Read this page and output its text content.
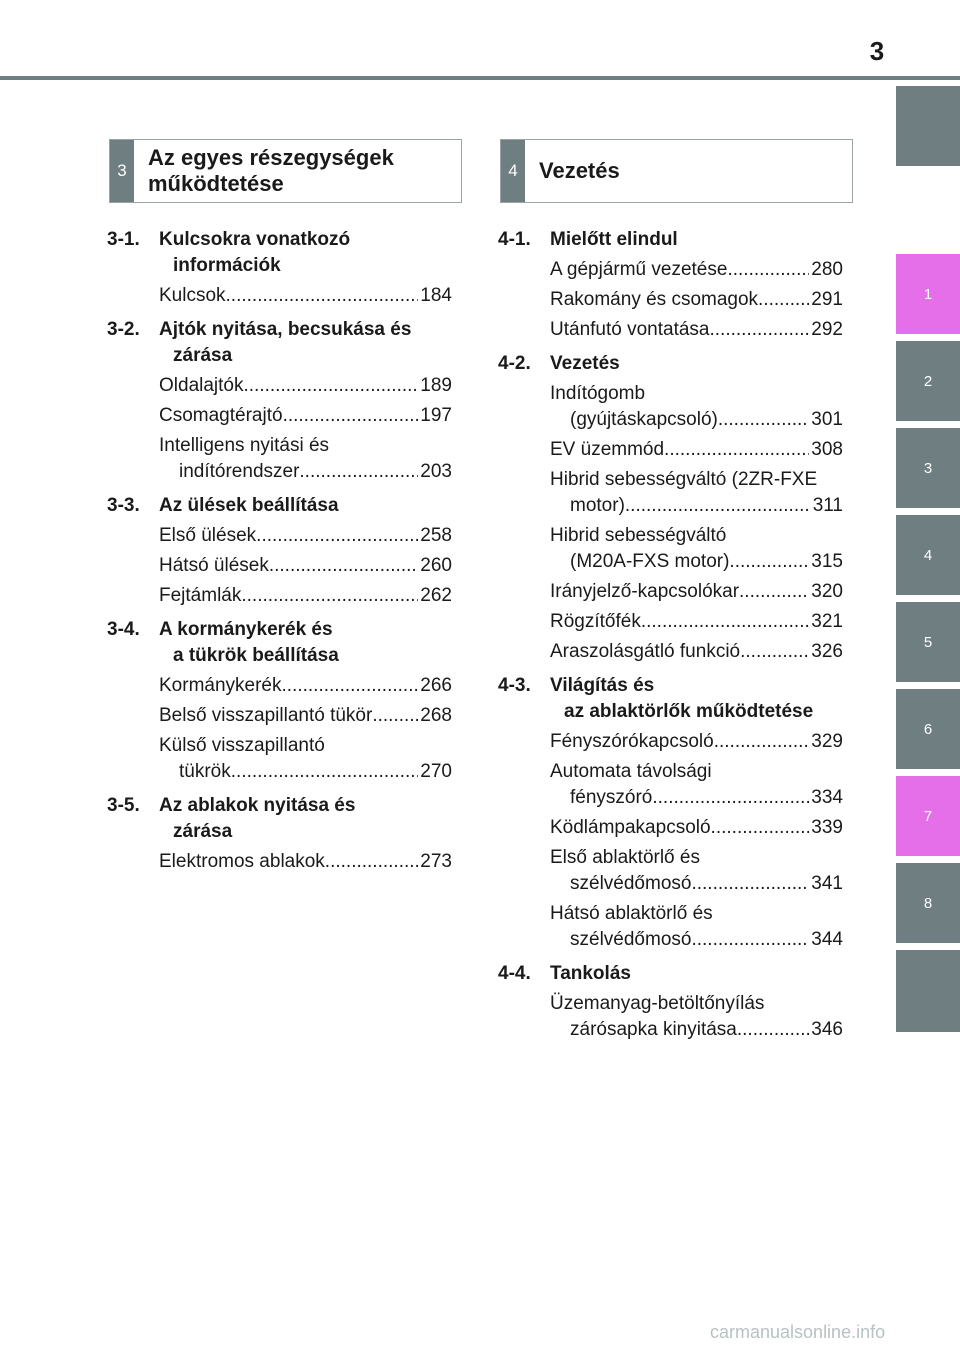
3
1
2
3
4
5
6
7
8
3
Az egyes részegységek
működtetése
4 Vezetés
3-1.	Kulcsokra vonatkozó
információk
Kulcsok .....	184
3-2.	Ajtók nyitása, becsukása és
zárása
Oldalajtók .....	189
Csomagtérajtó .....	197
Intelligens nyitási és
indítórendszer .....	203
3-3.	Az ülések beállítása
Első ülések .....	258
Hátsó ülések .....	260
Fejtámlák .....	262
3-4.	A kormánykerék és
a tükrök beállítása
Kormánykerék .....	266
Belső visszapillantó tükör .....	268
Külső visszapillantó
tükrök .....	270
3-5.	Az ablakok nyitása és
zárása
Elektromos ablakok .....	273
4-1.	Mielőtt elindul
A gépjármű vezetése .....	280
Rakomány és csomagok .....	291
Utánfutó vontatása .....	292
4-2.	Vezetés
Indítógomb
(gyújtáskapcsoló) .....	301
EV üzemmód .....	308
Hibrid sebességváltó (2ZR-FXE
motor) .....	311
Hibrid sebességváltó
(M20A-FXS motor) .....	315
Irányjelző-kapcsolókar .....	320
Rögzítőfék .....	321
Araszolásgátló funkció .....	326
4-3.	Világítás és
az ablaktörlők működtetése
Fényszórókapcsoló .....	329
Automata távolsági
fényszóró .....	334
Ködlámpakapcsoló .....	339
Első ablaktörlő és
szélvédőmosó .....	341
Hátsó ablaktörlő és
szélvédőmosó .....	344
4-4.	Tankolás
Üzemanyag-betöltőnyílás
zárósapka kinyitása .....	346
carmanualsonline.info
